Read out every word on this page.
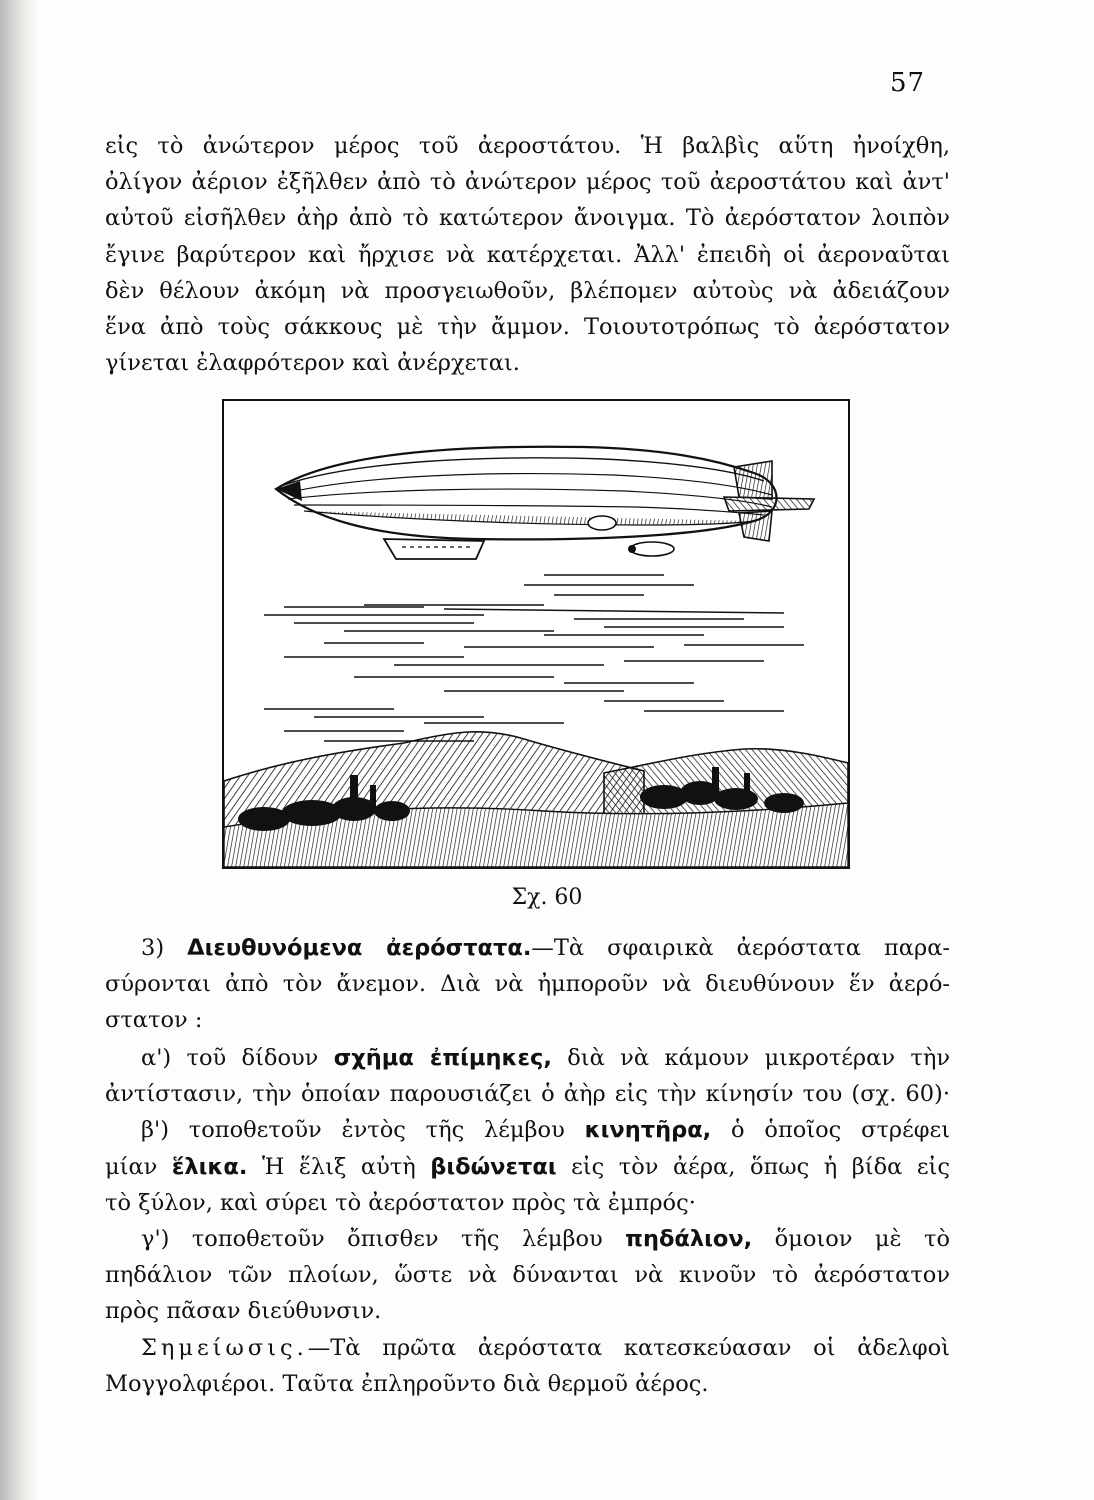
57
εἰς τὸ ἀνώτερον μέρος τοῦ ἀεροστάτου. Ἡ βαλβὶς αὕτη ἠνοίχθη,
ὀλίγον ἀέριον ἐξῆλθεν ἀπὸ τὸ ἀνώτερον μέρος τοῦ ἀεροστάτου καὶ ἀντ'
αὐτοῦ εἰσῆλθεν ἀὴρ ἀπὸ τὸ κατώτερον ἄνοιγμα. Τὸ ἀερόστατον λοιπὸν
ἔγινε βαρύτερον καὶ ἤρχισε νὰ κατέρχεται. Ἀλλ' ἐπειδὴ οἱ ἀεροναῦται
δὲν θέλουν ἀκόμη νὰ προσγειωθοῦν, βλέπομεν αὐτοὺς νὰ ἀδειάζουν
ἕνα ἀπὸ τοὺς σάκκους μὲ τὴν ἄμμον. Τοιουτοτρόπως τὸ ἀερόστατον
γίνεται ἐλαφρότερον καὶ ἀνέρχεται.
Σχ. 60
3) Διευθυνόμενα ἀερόστατα.—Τὰ σφαιρικὰ ἀερόστατα παρα-
σύρονται ἀπὸ τὸν ἄνεμον. Διὰ νὰ ἠμποροῦν νὰ διευθύνουν ἕν ἀερό-
στατον :
α') τοῦ δίδουν σχῆμα ἐπίμηκες, διὰ νὰ κάμουν μικροτέραν τὴν
ἀντίστασιν, τὴν ὁποίαν παρουσιάζει ὁ ἀὴρ εἰς τὴν κίνησίν του (σχ. 60)·
β') τοποθετοῦν ἐντὸς τῆς λέμβου κινητῆρα, ὁ ὁποῖος στρέφει
μίαν ἕλικα. Ἡ ἕλιξ αὐτὴ βιδώνεται εἰς τὸν ἀέρα, ὅπως ἡ βίδα εἰς
τὸ ξύλον, καὶ σύρει τὸ ἀερόστατον πρὸς τὰ ἐμπρός·
γ') τοποθετοῦν ὄπισθεν τῆς λέμβου πηδάλιον, ὅμοιον μὲ τὸ
πηδάλιον τῶν πλοίων, ὥστε νὰ δύνανται νὰ κινοῦν τὸ ἀερόστατον
πρὸς πᾶσαν διεύθυνσιν.
Σημείωσις.—Τὰ πρῶτα ἀερόστατα κατεσκεύασαν οἱ ἀδελφοὶ
Μογγολφιέροι. Ταῦτα ἐπληροῦντο διὰ θερμοῦ ἀέρος.
